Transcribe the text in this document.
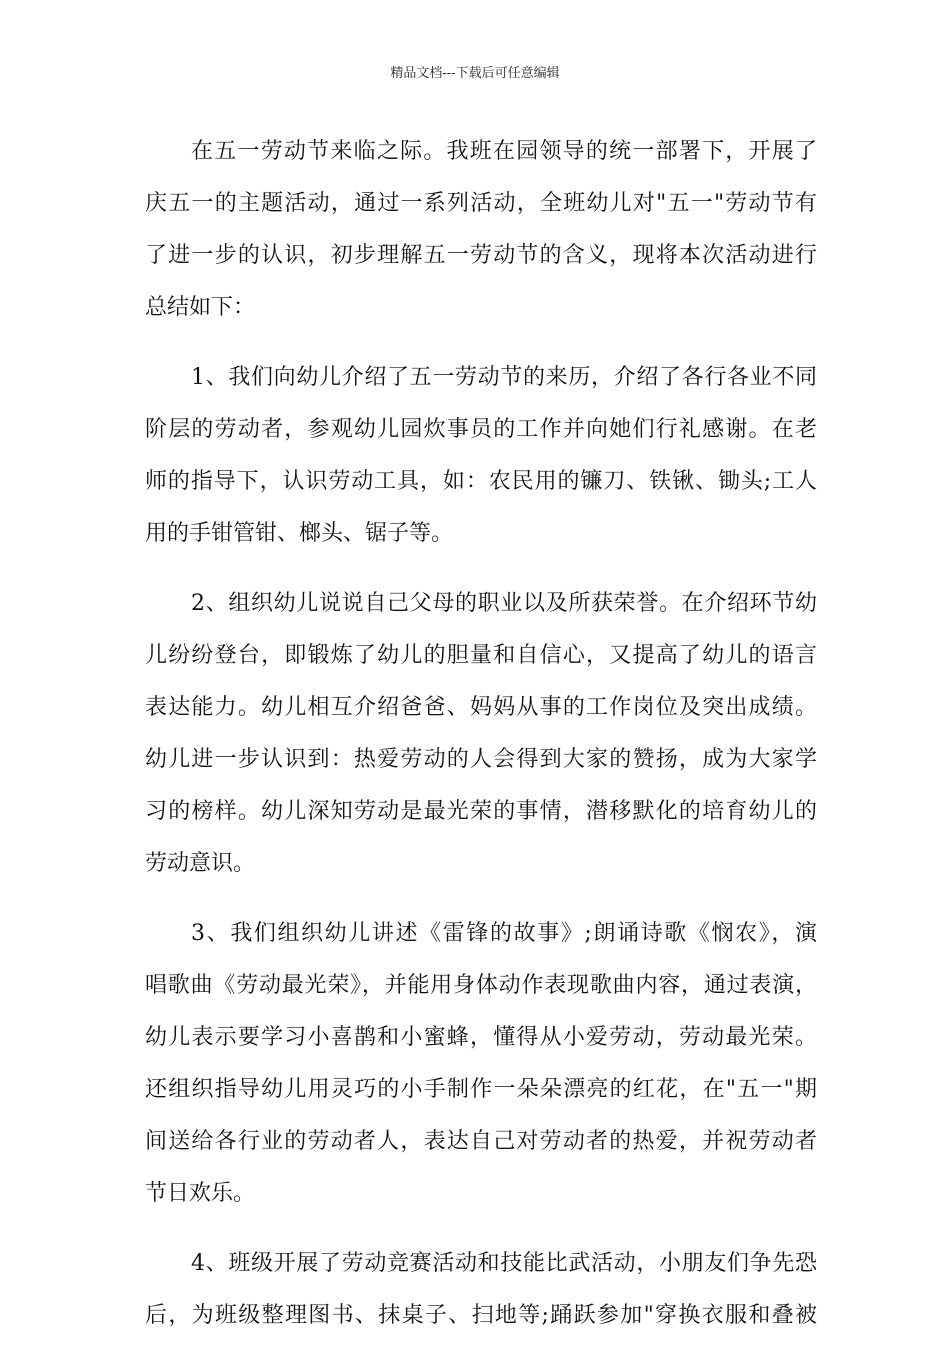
精品文档---下载后可任意编辑
在五一劳动节来临之际。我班在园领导的统一部署下，开展了
庆五一的主题活动，通过一系列活动，全班幼儿对"五一"劳动节有
了进一步的认识，初步理解五一劳动节的含义，现将本次活动进行
总结如下：
1、我们向幼儿介绍了五一劳动节的来历，介绍了各行各业不同
阶层的劳动者，参观幼儿园炊事员的工作并向她们行礼感谢。在老
师的指导下，认识劳动工具，如：农民用的镰刀、铁锹、锄头;工人
用的手钳管钳、榔头、锯子等。
2、组织幼儿说说自己父母的职业以及所获荣誉。在介绍环节幼
儿纷纷登台，即锻炼了幼儿的胆量和自信心，又提高了幼儿的语言
表达能力。幼儿相互介绍爸爸、妈妈从事的工作岗位及突出成绩。
幼儿进一步认识到：热爱劳动的人会得到大家的赞扬，成为大家学
习的榜样。幼儿深知劳动是最光荣的事情，潜移默化的培育幼儿的
劳动意识。
3、我们组织幼儿讲述《雷锋的故事》;朗诵诗歌《悯农》，演
唱歌曲《劳动最光荣》，并能用身体动作表现歌曲内容，通过表演，
幼儿表示要学习小喜鹊和小蜜蜂，懂得从小爱劳动，劳动最光荣。
还组织指导幼儿用灵巧的小手制作一朵朵漂亮的红花，在"五一"期
间送给各行业的劳动者人，表达自己对劳动者的热爱，并祝劳动者
节日欢乐。
4、班级开展了劳动竞赛活动和技能比武活动，小朋友们争先恐
后，为班级整理图书、抹桌子、扫地等;踊跃参加"穿换衣服和叠被
